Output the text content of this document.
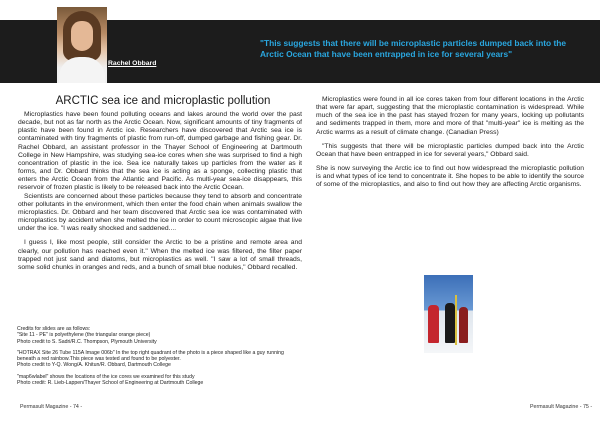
Rachel Obbard
"This suggests that there will be microplastic particles dumped back into the Arctic Ocean that have been entrapped in ice for several years"
ARCTIC sea ice and microplastic pollution

Microplastics have been found polluting oceans and lakes around the world over the past decade, but not as far north as the Arctic Ocean. Now, significant amounts of tiny fragments of plastic have been found in Arctic ice. Researchers have discovered that Arctic sea ice is contaminated with tiny fragments of plastic from run-off, dumped garbage and fishing gear. Dr. Rachel Obbard, an assistant professor in the Thayer School of Engineering at Dartmouth College in New Hampshire, was studying sea-ice cores when she was surprised to find a high concentration of plastic in the ice. Sea ice naturally takes up particles from the water as it forms, and Dr. Obbard thinks that the sea ice is acting as a sponge, collecting plastic that enters the Arctic Ocean from the Atlantic and Pacific. As multi-year sea-ice disappears, this reservoir of frozen plastic is likely to be released back into the Arctic Ocean.

Scientists are concerned about these particles because they tend to absorb and concentrate other pollutants in the environment, which then enter the food chain when animals swallow the microplastics. Dr. Obbard and her team discovered that Arctic sea ice was contaminated with microplastics by accident when she melted the ice in order to count microscopic algae that live under the ice. "I was really shocked and saddened....

I guess I, like most people, still consider the Arctic to be a pristine and remote area and clearly, our pollution has reached even it." When the melted ice was filtered, the filter paper trapped not just sand and diatoms, but microplastics as well. "I saw a lot of small threads, some solid chunks in oranges and reds, and a bunch of small blue nodules," Obbard recalled.

Credits for slides are as follows:

"Site 11 - PE" is polyethylene (the triangular orange piece)

Photo credit to S. Sadri/R.C. Thompson, Plymouth University

"HOTRAX Site 26 Tube 115A Image 006b" In the top right quadrant of the photo is a piece shaped like a guy running beneath a red rainbow.This piece was tested and found to be polyester.

Photo credit to Y-Q. Wong/A. Khitun/R. Obbard, Dartmouth College

"map6wlabel" shows the locations of the ice cores we examined for this study

Photo credit: R. Lieb-Lappen/Thayer School of Engineering at Dartmouth College

Microplastics were found in all ice cores taken from four different locations in the Arctic that were far apart, suggesting that the microplastic contamination is widespread. While much of the sea ice in the past has stayed frozen for many years, locking up pollutants and sediments trapped in them, more and more of that "multi-year" ice is melting as the Arctic warms as a result of climate change. (Canadian Press)

"This suggests that there will be microplastic particles dumped back into the Arctic Ocean that have been entrapped in ice for several years," Obbard said.

She is now surveying the Arctic ice to find out how widespread the microplastic pollution is and what types of ice tend to concentrate it. She hopes to be able to identify the source of some of the microplastics, and also to find out how they are affecting Arctic organisms.

Permasult Magazine - 74 -	Permasult Magazine - 75 -
